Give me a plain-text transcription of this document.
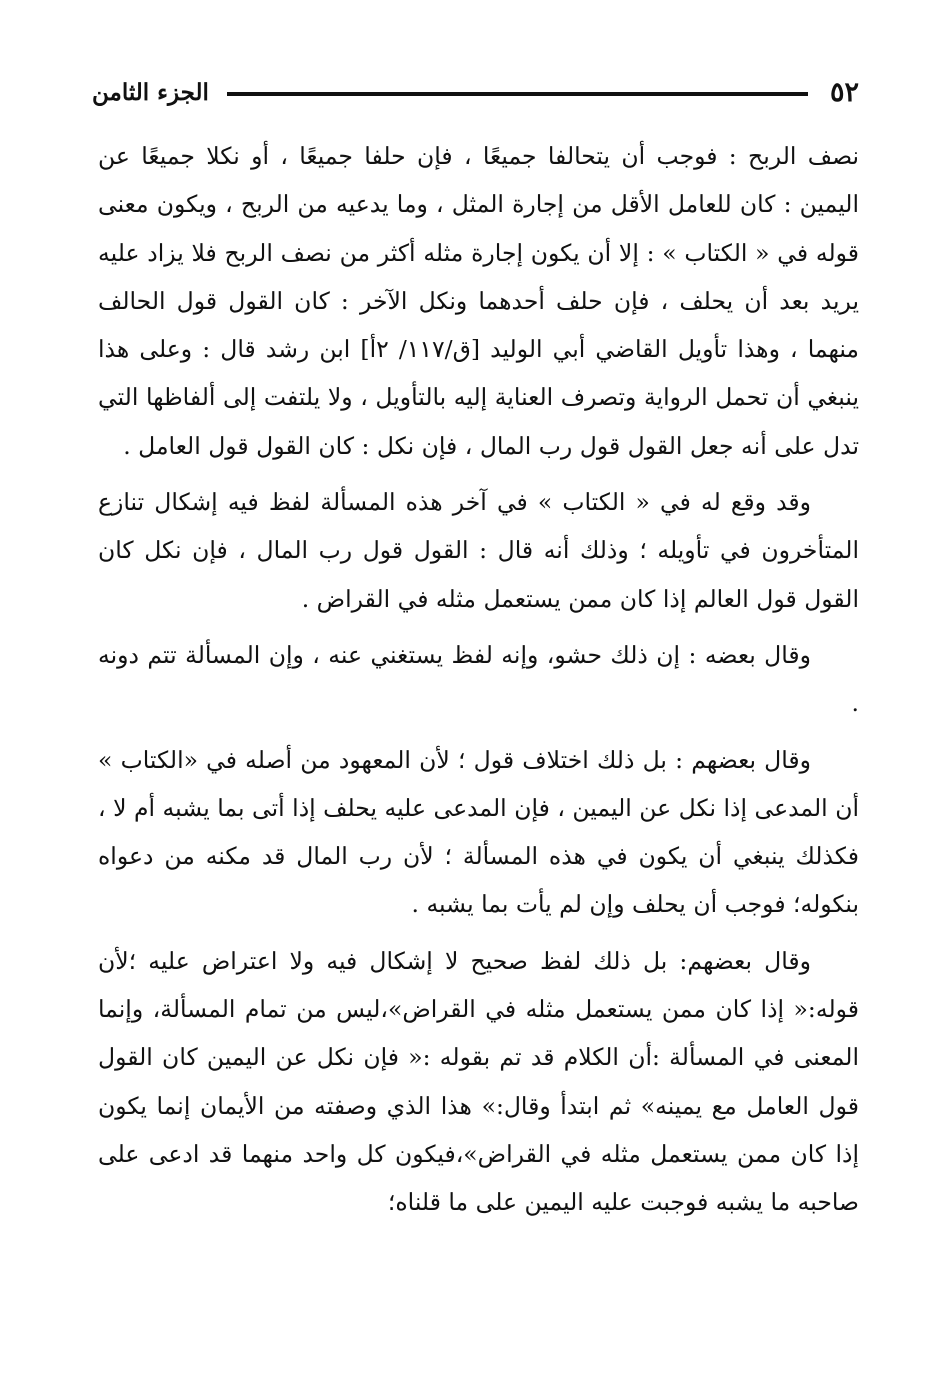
٥٢
الجزء الثامن

نصف الربح : فوجب أن يتحالفا جميعًا ، فإن حلفا جميعًا ، أو نكلا جميعًا عن اليمين : كان للعامل الأقل من إجارة المثل ، وما يدعيه من الربح ، ويكون معنى قوله في « الكتاب » : إلا أن يكون إجارة مثله أكثر من نصف الربح فلا يزاد عليه يريد بعد أن يحلف ، فإن حلف أحدهما ونكل الآخر : كان القول قول الحالف منهما ، وهذا تأويل القاضي أبي الوليد [ق/١١٧/ ٢أ] ابن رشد قال : وعلى هذا ينبغي أن تحمل الرواية وتصرف العناية إليه بالتأويل ، ولا يلتفت إلى ألفاظها التي تدل على أنه جعل القول قول رب المال ، فإن نكل : كان القول قول العامل .

وقد وقع له في « الكتاب » في آخر هذه المسألة لفظ فيه إشكال تنازع المتأخرون في تأويله ؛ وذلك أنه قال : القول قول رب المال ، فإن نكل كان القول قول العالم إذا كان ممن يستعمل مثله في القراض .

وقال بعضه : إن ذلك حشو، وإنه لفظ يستغني عنه ، وإن المسألة تتم دونه .

وقال بعضهم : بل ذلك اختلاف قول ؛ لأن المعهود من أصله في «الكتاب » أن المدعى إذا نكل عن اليمين ، فإن المدعى عليه يحلف إذا أتى بما يشبه أم لا ، فكذلك ينبغي أن يكون في هذه المسألة ؛ لأن رب المال قد مكنه من دعواه بنكوله؛ فوجب أن يحلف وإن لم يأت بما يشبه .

وقال بعضهم: بل ذلك لفظ صحيح لا إشكال فيه ولا اعتراض عليه ؛لأن قوله:« إذا كان ممن يستعمل مثله في القراض»،ليس من تمام المسألة، وإنما المعنى في المسألة :أن الكلام قد تم بقوله :« فإن نكل عن اليمين كان القول قول العامل مع يمينه» ثم ابتدأ وقال:» هذا الذي وصفته من الأيمان إنما يكون إذا كان ممن يستعمل مثله في القراض»،فيكون كل واحد منهما قد ادعى على صاحبه ما يشبه فوجبت عليه اليمين على ما قلناه؛
